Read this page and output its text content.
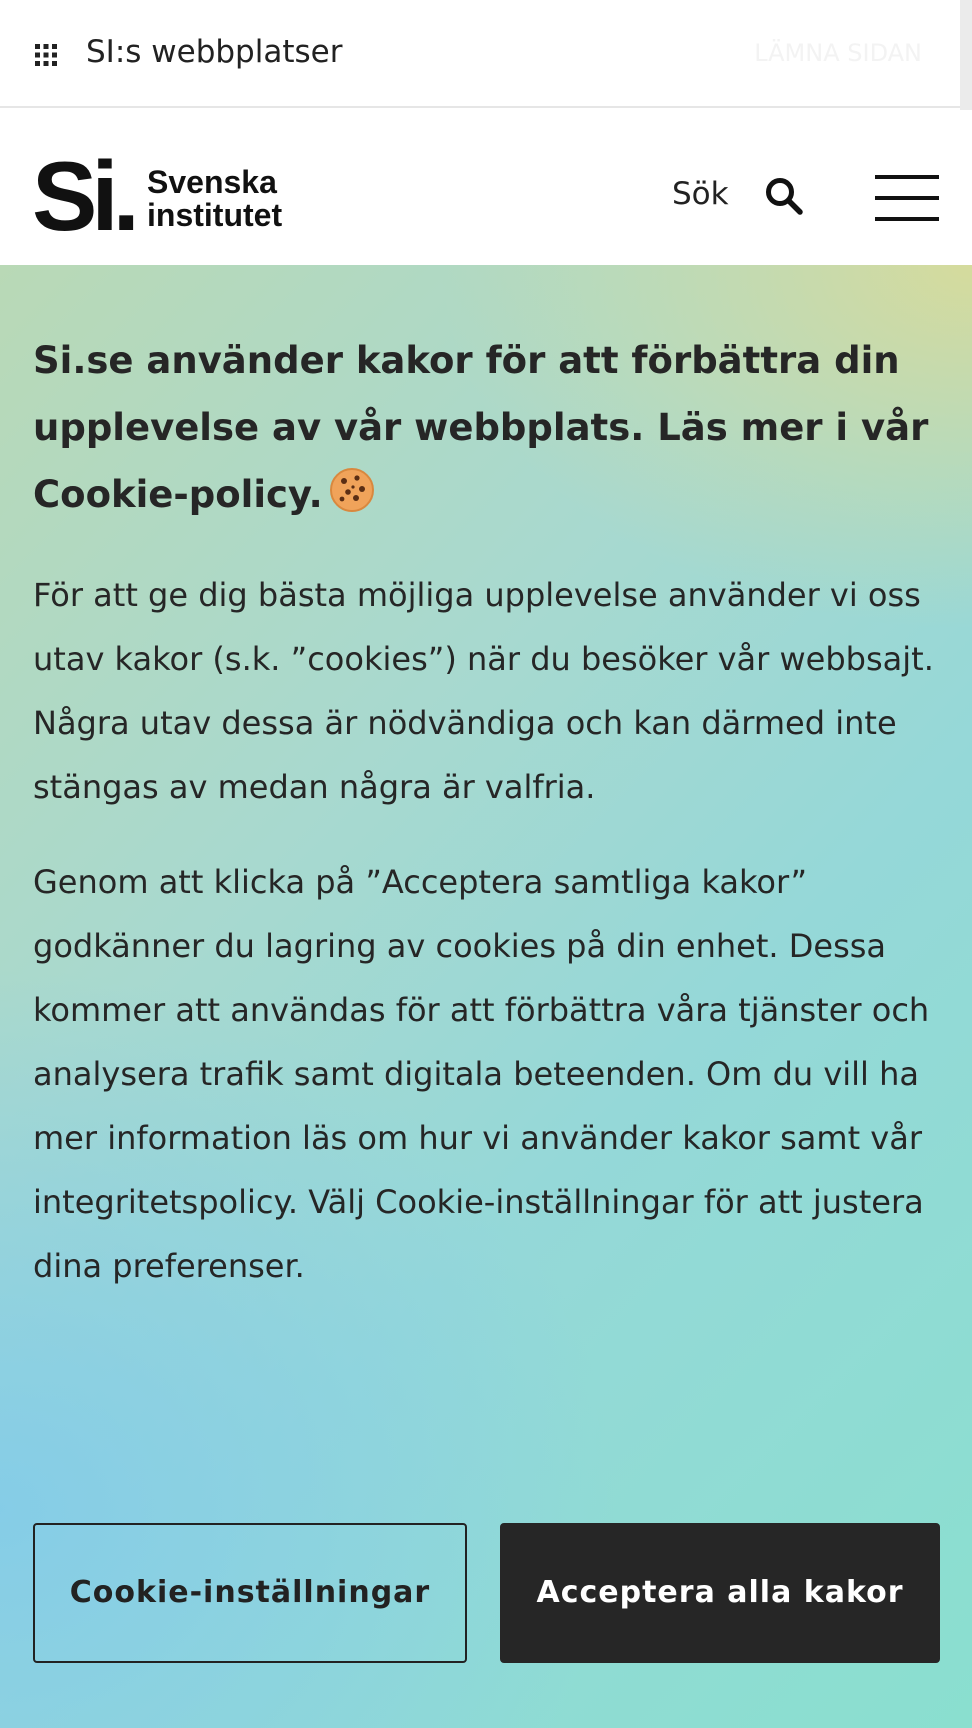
SI:s webbplatser	LÄMNA SIDAN
Si. Svenska
institutet
Sök
Si.se använder kakor för att förbättra din upplevelse av vår webbplats. Läs mer i vår Cookie-policy.

För att ge dig bästa möjliga upplevelse använder vi oss utav kakor (s.k. ”cookies”) när du besöker vår webbsajt. Några utav dessa är nödvändiga och kan därmed inte stängas av medan några är valfria.

Genom att klicka på ”Acceptera samtliga kakor” godkänner du lagring av cookies på din enhet. Dessa kommer att användas för att förbättra våra tjänster och analysera trafik samt digitala beteenden. Om du vill ha mer information läs om hur vi använder kakor samt vår integritetspolicy. Välj Cookie-inställningar för att justera dina preferenser.

Cookie-inställningar	Acceptera alla kakor
